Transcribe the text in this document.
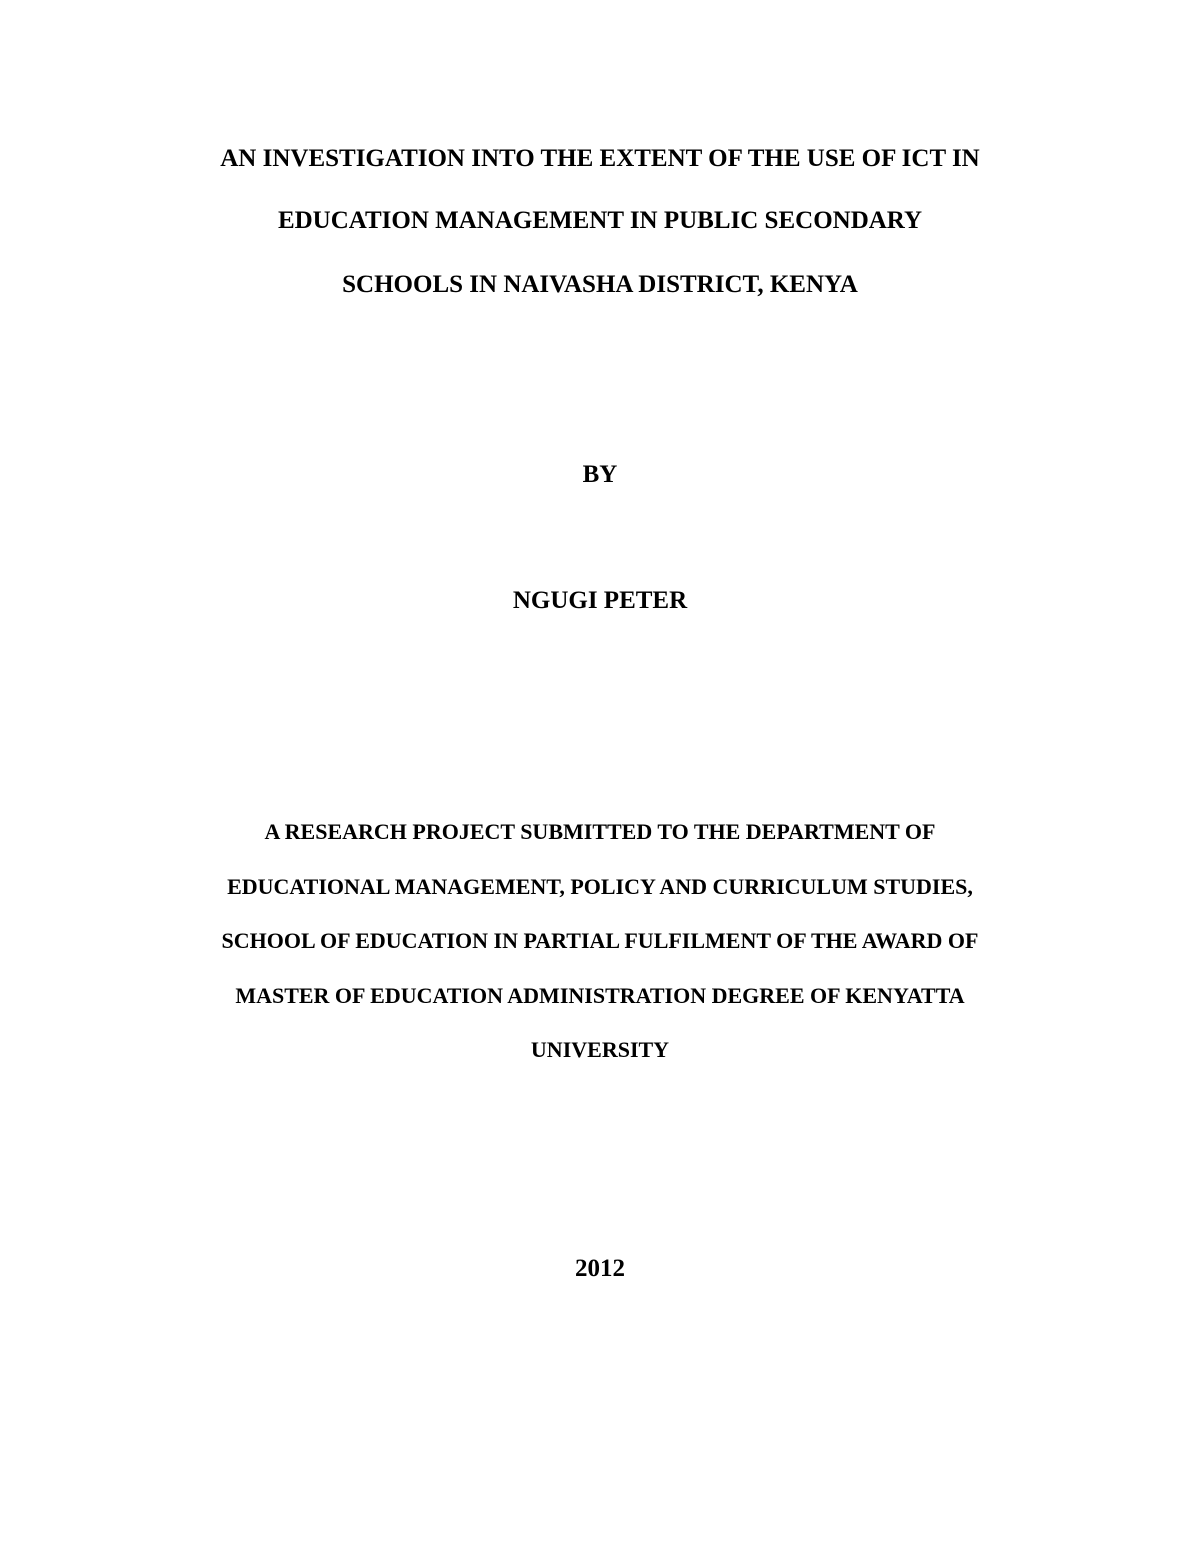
AN INVESTIGATION INTO THE EXTENT OF THE USE OF ICT IN
EDUCATION MANAGEMENT IN PUBLIC SECONDARY
SCHOOLS IN NAIVASHA DISTRICT, KENYA
BY
NGUGI PETER
A RESEARCH PROJECT SUBMITTED TO THE DEPARTMENT OF
EDUCATIONAL MANAGEMENT, POLICY AND CURRICULUM STUDIES,
SCHOOL OF EDUCATION IN PARTIAL FULFILMENT OF THE AWARD OF
MASTER OF EDUCATION ADMINISTRATION DEGREE OF KENYATTA
UNIVERSITY
2012
